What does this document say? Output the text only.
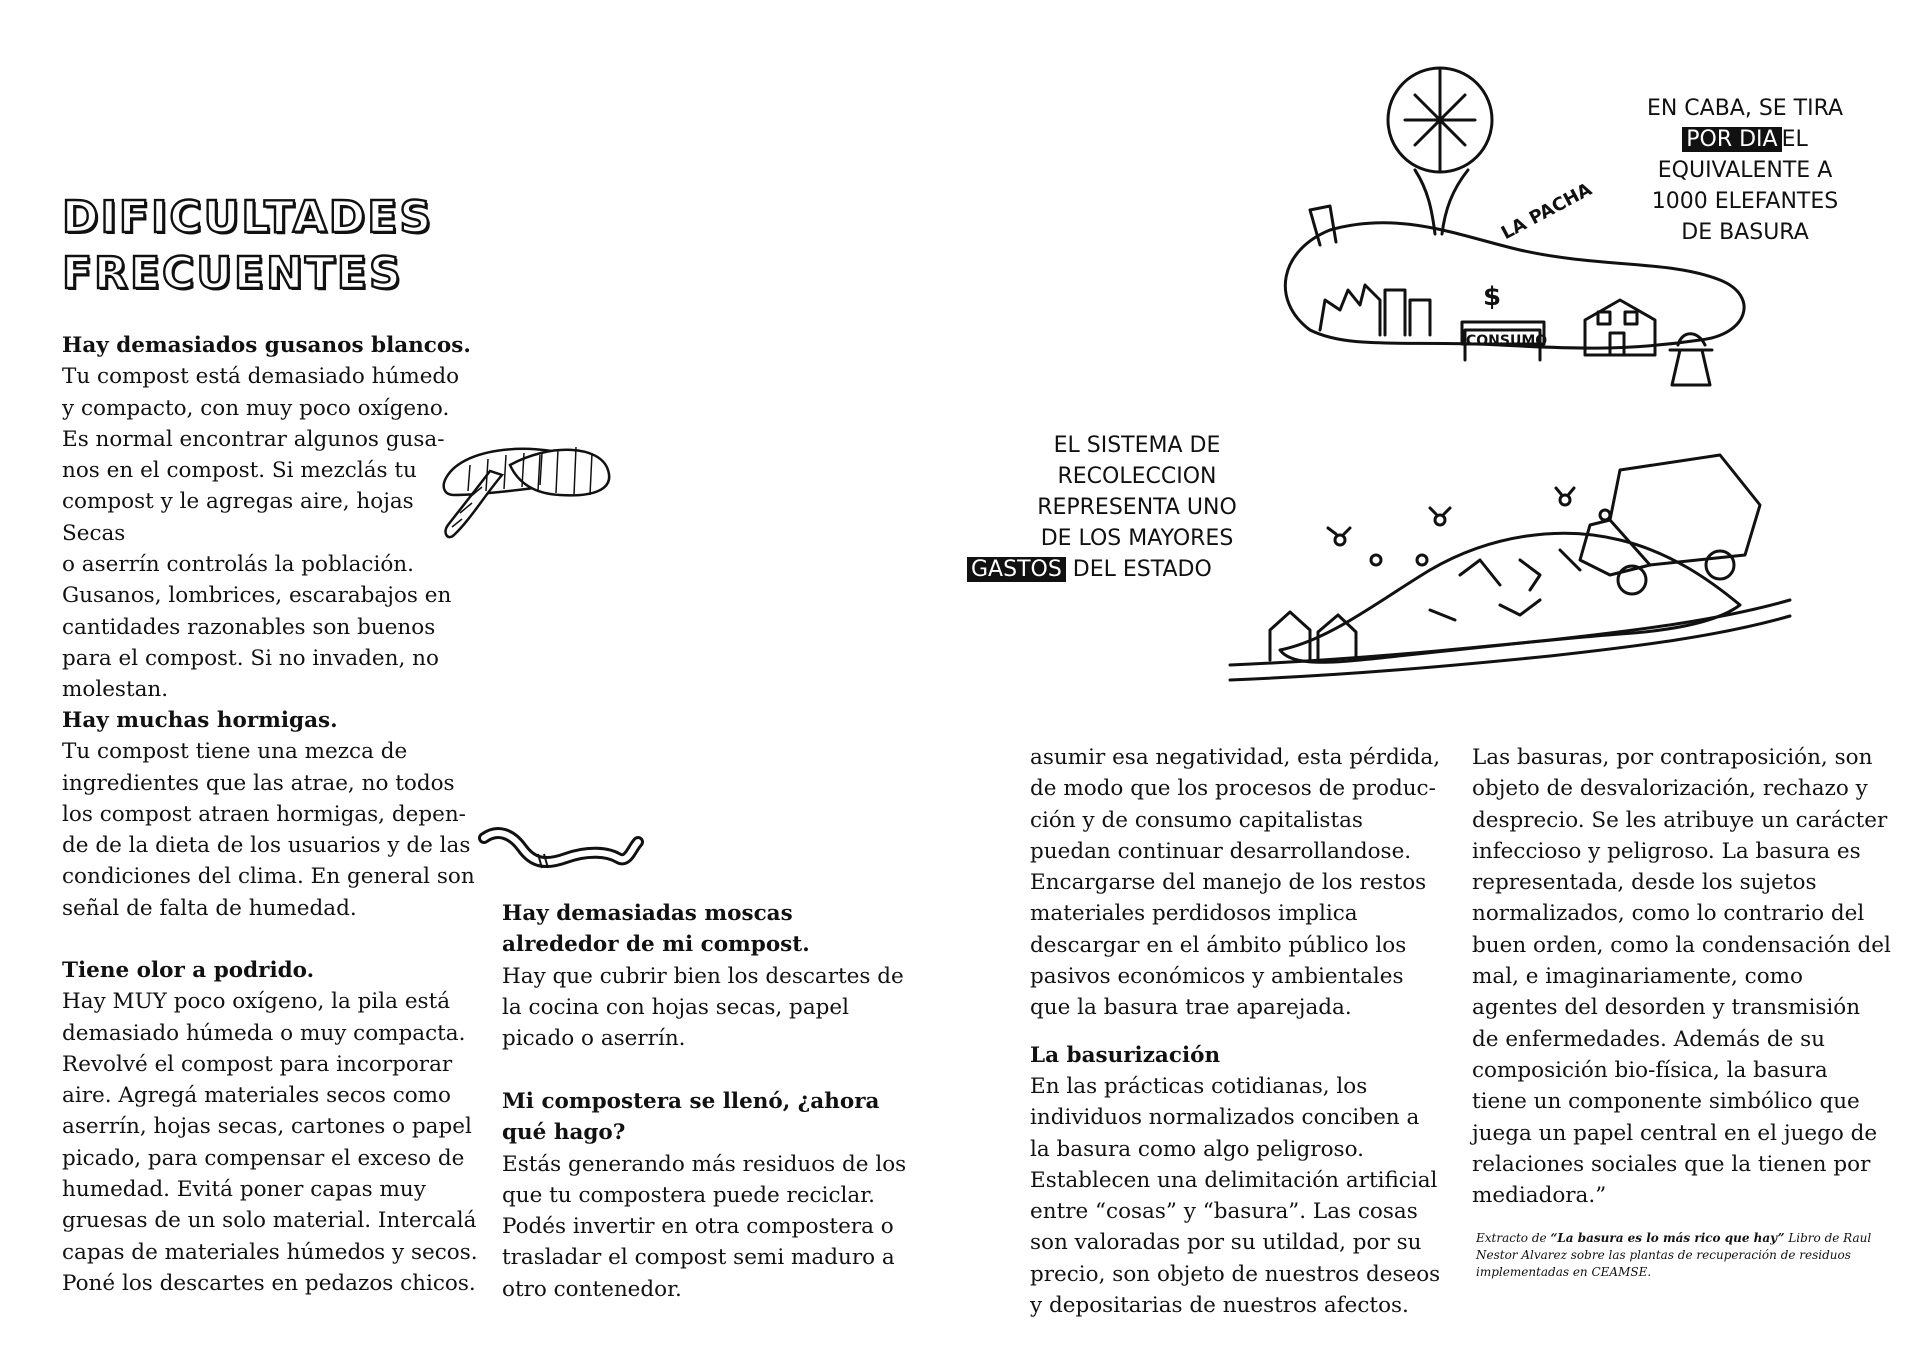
DIFICULTADES
FRECUENTES
Hay demasiados gusanos blancos.

Tu compost está demasiado húmedo
y compacto, con muy poco oxígeno.
Es normal encontrar algunos gusa-
nos en el compost. Si mezclás tu
compost y le agregas aire, hojas Secas
o aserrín controlás la población.
Gusanos, lombrices, escarabajos en
cantidades razonables son buenos
para el compost. Si no invaden, no
molestan.

Hay muchas hormigas.

Tu compost tiene una mezca de
ingredientes que las atrae, no todos
los compost atraen hormigas, depen-
de de la dieta de los usuarios y de las
condiciones del clima. En general son
señal de falta de humedad.

Tiene olor a podrido.

Hay MUY poco oxígeno, la pila está
demasiado húmeda o muy compacta.
Revolvé el compost para incorporar
aire. Agregá materiales secos como
aserrín, hojas secas, cartones o papel
picado, para compensar el exceso de
humedad. Evitá poner capas muy
gruesas de un solo material. Intercalá
capas de materiales húmedos y secos.
Poné los descartes en pedazos chicos.

Hay demasiadas moscas
alrededor de mi compost.

Hay que cubrir bien los descartes de
la cocina con hojas secas, papel
picado o aserrín.

Mi compostera se llenó, ¿ahora
qué hago?

Estás generando más residuos de los
que tu compostera puede reciclar.
Podés invertir en otra compostera o
trasladar el compost semi maduro a
otro contenedor.

LA PACHA
CONSUMO
$
EN CABA, SE TIRA
POR DIA EL
EQUIVALENTE A
1000 ELEFANTES
DE BASURA
EL SISTEMA DE
RECOLECCION
REPRESENTA UNO
DE LOS MAYORES
GASTOS DEL ESTADO

asumir esa negatividad, esta pérdida,
de modo que los procesos de produc-
ción y de consumo capitalistas
puedan continuar desarrollandose.
Encargarse del manejo de los restos
materiales perdidosos implica
descargar en el ámbito público los
pasivos económicos y ambientales
que la basura trae aparejada.

La basurización

En las prácticas cotidianas, los
individuos normalizados conciben a
la basura como algo peligroso.
Establecen una delimitación artificial
entre “cosas” y “basura”. Las cosas
son valoradas por su utildad, por su
precio, son objeto de nuestros deseos
y depositarias de nuestros afectos.

Las basuras, por contraposición, son
objeto de desvalorización, rechazo y
desprecio. Se les atribuye un carácter
infeccioso y peligroso. La basura es
representada, desde los sujetos
normalizados, como lo contrario del
buen orden, como la condensación del
mal, e imaginariamente, como
agentes del desorden y transmisión
de enfermedades. Además de su
composición bio-física, la basura
tiene un componente simbólico que
juega un papel central en el juego de
relaciones sociales que la tienen por
mediadora.”

Extracto de “La basura es lo más rico que hay” Libro de Raul
Nestor Alvarez sobre las plantas de recuperación de residuos
implementadas en CEAMSE.
